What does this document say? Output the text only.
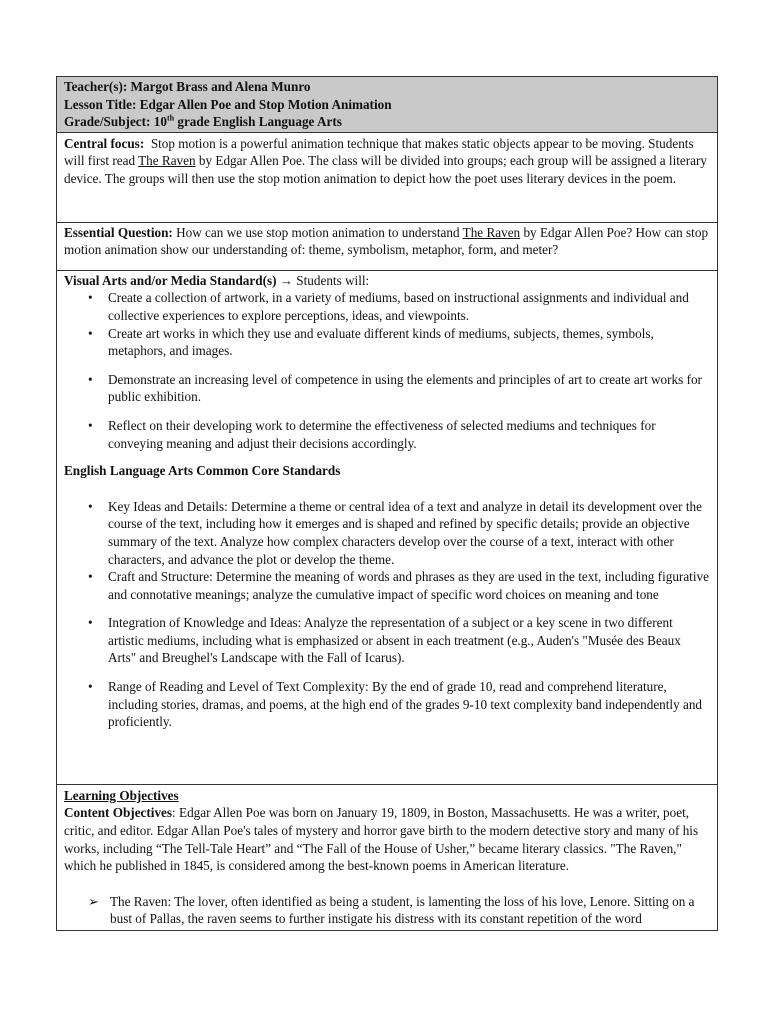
Teacher(s): Margot Brass and Alena Munro
Lesson Title: Edgar Allen Poe and Stop Motion Animation
Grade/Subject: 10th grade English Language Arts
Central focus:  Stop motion is a powerful animation technique that makes static objects appear to be moving. Students will first read The Raven by Edgar Allen Poe. The class will be divided into groups; each group will be assigned a literary device. The groups will then use the stop motion animation to depict how the poet uses literary devices in the poem.
Essential Question: How can we use stop motion animation to understand The Raven by Edgar Allen Poe? How can stop motion animation show our understanding of: theme, symbolism, metaphor, form, and meter?
Visual Arts and/or Media Standard(s) → Students will:
• Create a collection of artwork, in a variety of mediums, based on instructional assignments and individual and collective experiences to explore perceptions, ideas, and viewpoints.
• Create art works in which they use and evaluate different kinds of mediums, subjects, themes, symbols, metaphors, and images.
• Demonstrate an increasing level of competence in using the elements and principles of art to create art works for public exhibition.
• Reflect on their developing work to determine the effectiveness of selected mediums and techniques for conveying meaning and adjust their decisions accordingly.
English Language Arts Common Core Standards
• Key Ideas and Details: Determine a theme or central idea of a text and analyze in detail its development over the course of the text, including how it emerges and is shaped and refined by specific details; provide an objective summary of the text. Analyze how complex characters develop over the course of a text, interact with other characters, and advance the plot or develop the theme.
• Craft and Structure: Determine the meaning of words and phrases as they are used in the text, including figurative and connotative meanings; analyze the cumulative impact of specific word choices on meaning and tone
• Integration of Knowledge and Ideas: Analyze the representation of a subject or a key scene in two different artistic mediums, including what is emphasized or absent in each treatment (e.g., Auden's "Musée des Beaux Arts" and Breughel's Landscape with the Fall of Icarus).
• Range of Reading and Level of Text Complexity: By the end of grade 10, read and comprehend literature, including stories, dramas, and poems, at the high end of the grades 9-10 text complexity band independently and proficiently.
Learning Objectives
Content Objectives: Edgar Allen Poe was born on January 19, 1809, in Boston, Massachusetts. He was a writer, poet, critic, and editor. Edgar Allan Poe's tales of mystery and horror gave birth to the modern detective story and many of his works, including “The Tell-Tale Heart” and “The Fall of the House of Usher,” became literary classics. "The Raven," which he published in 1845, is considered among the best-known poems in American literature.
➢ The Raven: The lover, often identified as being a student, is lamenting the loss of his love, Lenore. Sitting on a bust of Pallas, the raven seems to further instigate his distress with its constant repetition of the word
